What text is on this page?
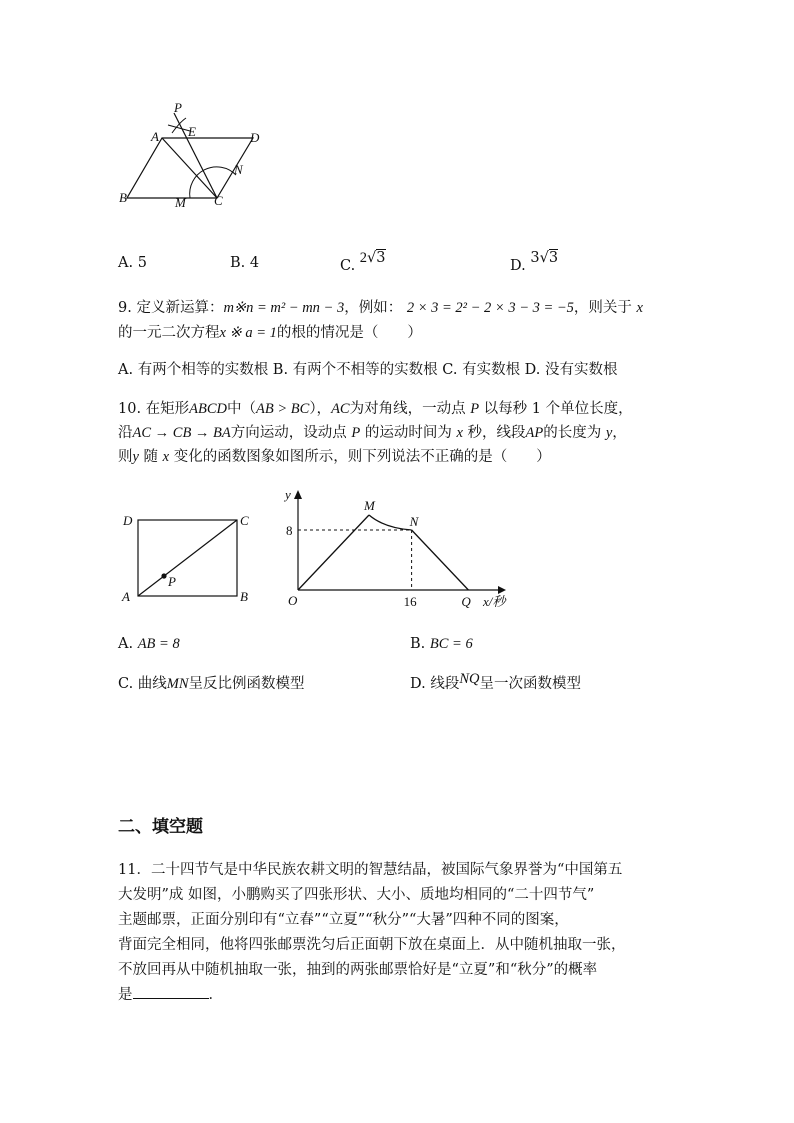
P
A E	D
N
B	M C
A. 5	B. 4	C. 2√3	D. 3√3
9. 定义新运算：m※n = m² − mn − 3，例如： 2 × 3 = 2² − 2 × 3 − 3 = −5，则关于 x
的一元二次方程x ※ a = 1的根的情况是（　　）
A. 有两个相等的实数根 B. 有两个不相等的实数根 C. 有实数根 D. 没有实数根
10. 在矩形ABCD中（AB > BC），AC为对角线，一动点 P 以每秒 1 个单位长度，
沿AC → CB → BA方向运动，设动点 P 的运动时间为 x 秒，线段AP的长度为 y，
则y 随 x 变化的函数图象如图所示，则下列说法不正确的是（　　）
D	C
A	B
P
M
N
8
16	Q
y
x/秒
O
A. AB = 8	B. BC = 6
C. 曲线MN呈反比例函数模型	D. 线段NQ呈一次函数模型
二、填空题
11．二十四节气是中华民族农耕文明的智慧结晶，被国际气象界誉为“中国第五
大发明”成 如图，小鹏购买了四张形状、大小、质地均相同的“二十四节气”
主题邮票，正面分别印有“立春”“立夏”“秋分”“大暑”四种不同的图案，
背面完全相同，他将四张邮票洗匀后正面朝下放在桌面上．从中随机抽取一张，
不放回再从中随机抽取一张，抽到的两张邮票恰好是“立夏”和“秋分”的概率
是	．
